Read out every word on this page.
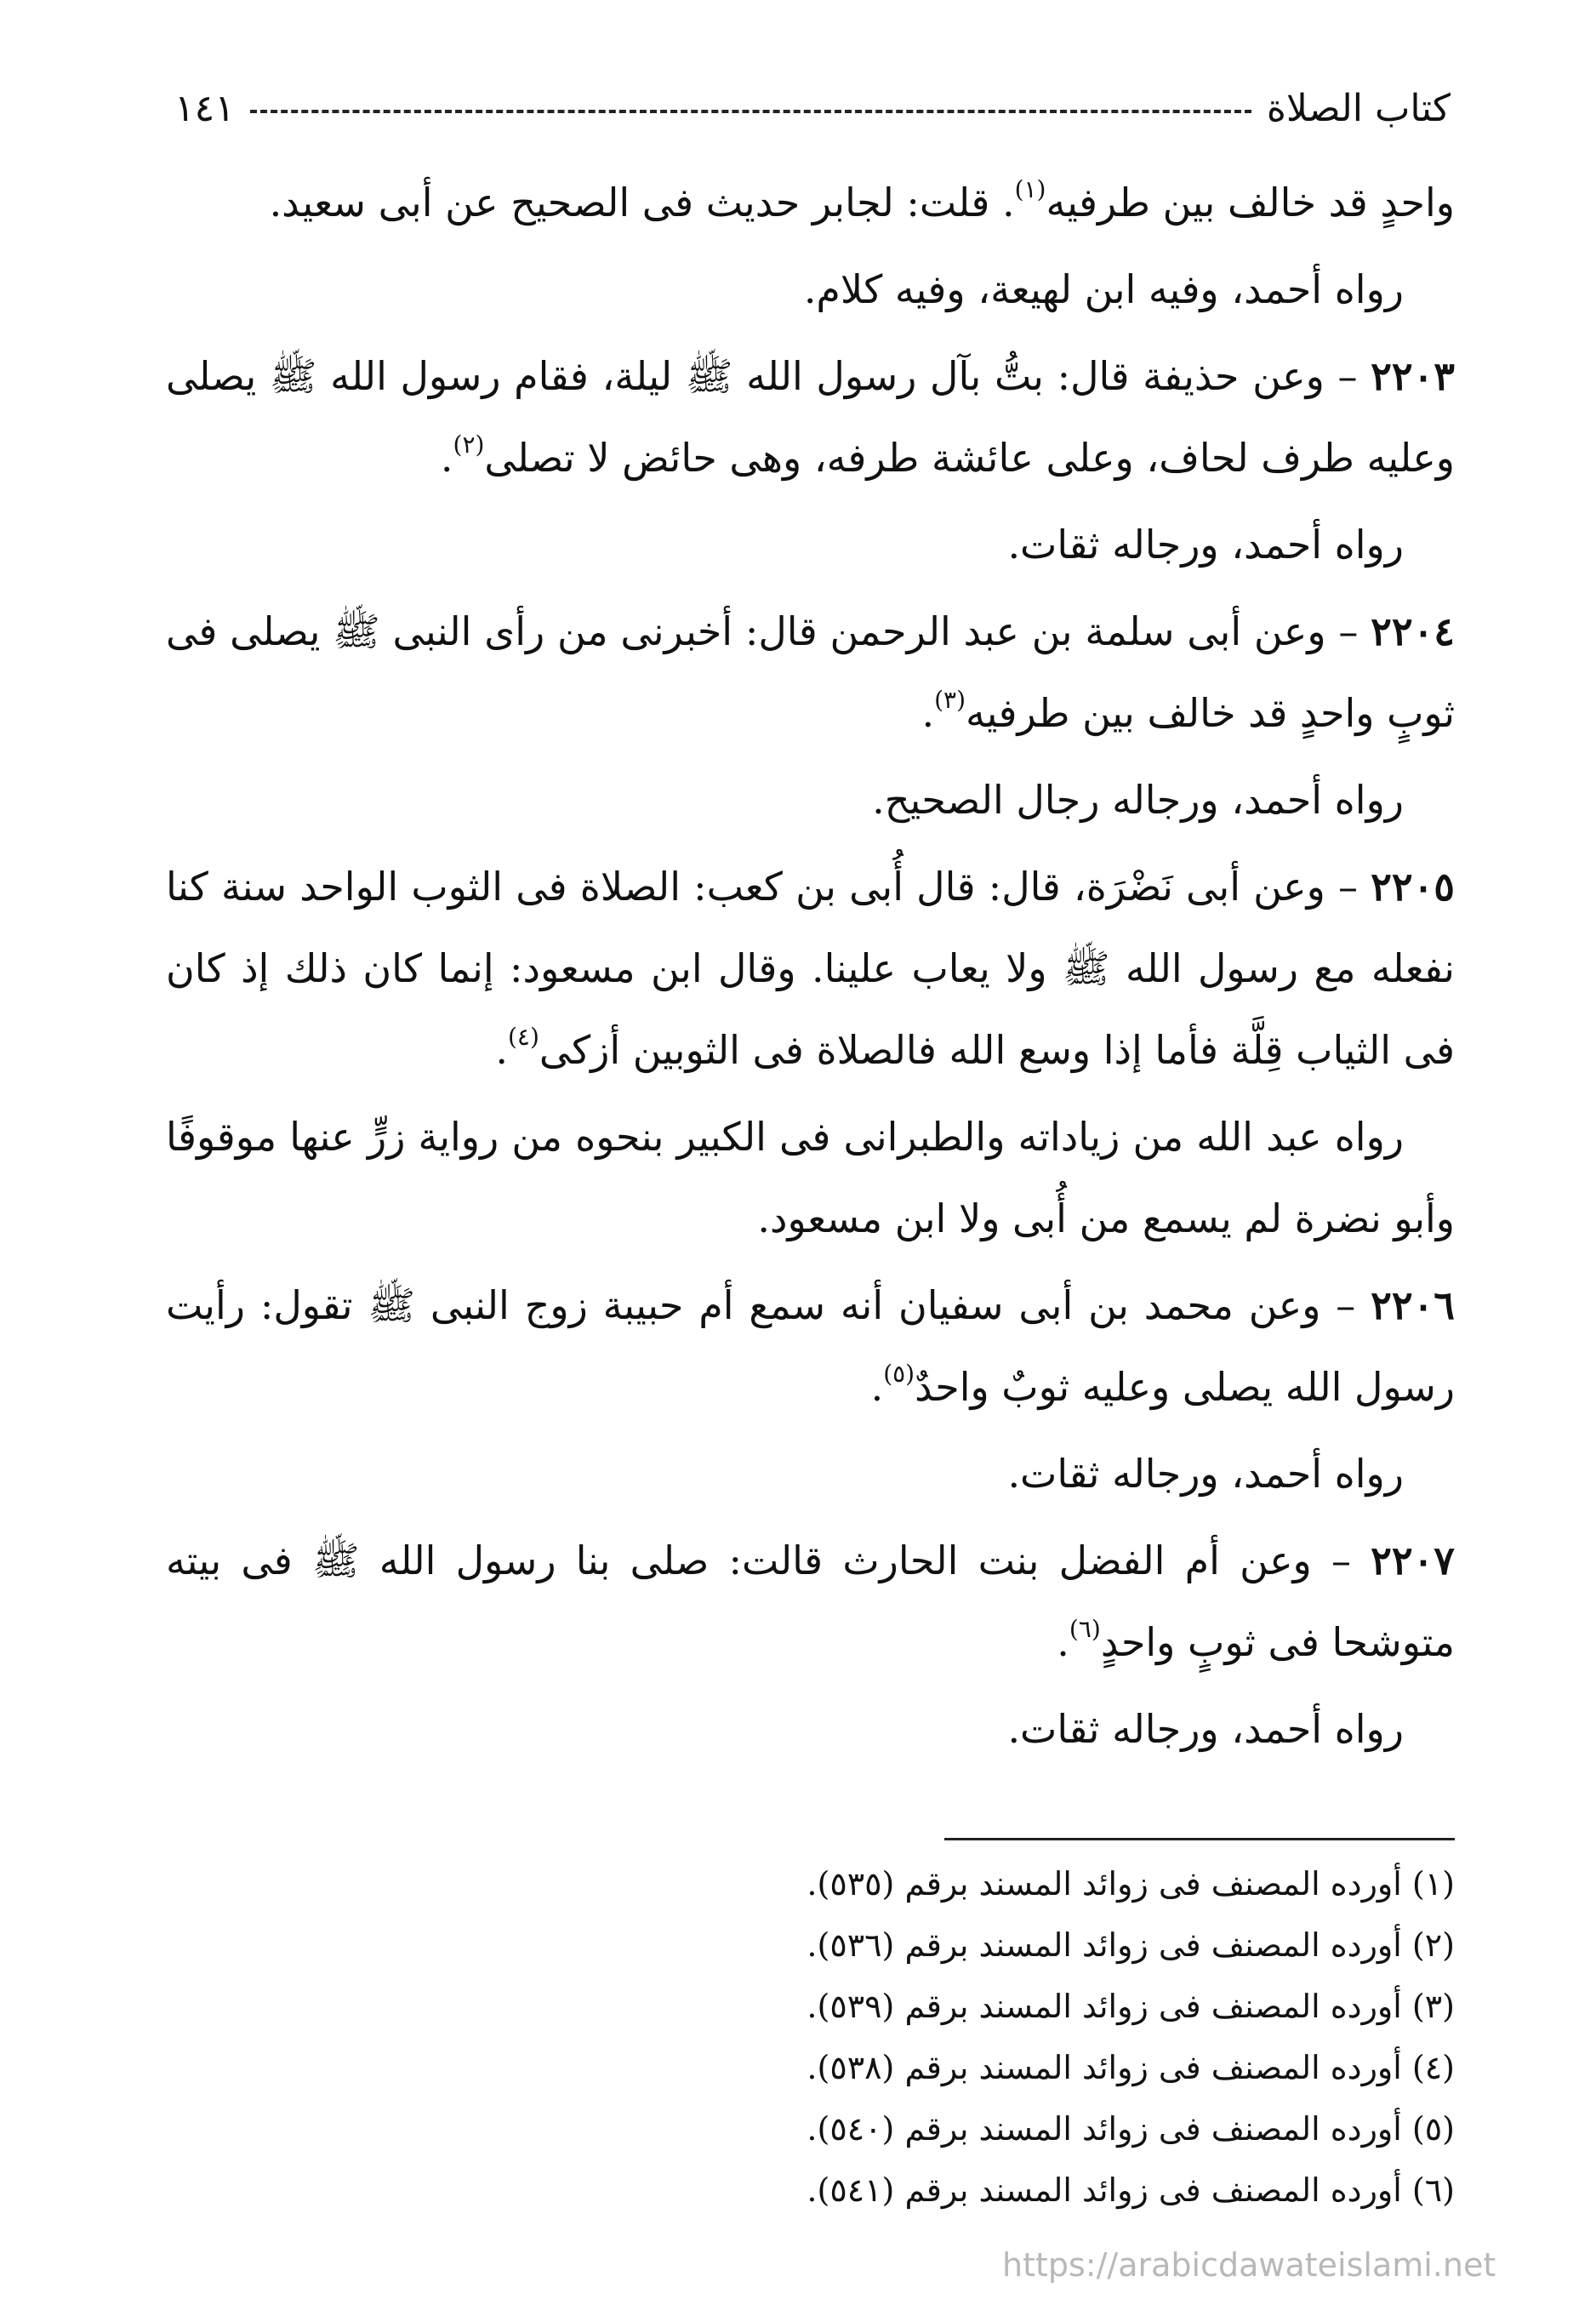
كتاب الصلاة
١٤١

واحدٍ قد خالف بين طرفيه$^{(١)}$. قلت: لجابر حديث فى الصحيح عن أبى سعيد.

رواه أحمد، وفيه ابن لهيعة، وفيه كلام.

٢٢٠٣ – وعن حذيفة قال: بتُّ بآل رسول الله ﷺ ليلة، فقام رسول الله ﷺ يصلى وعليه طرف لحاف، وعلى عائشة طرفه، وهى حائض لا تصلى$^{(٢)}$.

رواه أحمد، ورجاله ثقات.

٢٢٠٤ – وعن أبى سلمة بن عبد الرحمن قال: أخبرنى من رأى النبى ﷺ يصلى فى ثوبٍ واحدٍ قد خالف بين طرفيه$^{(٣)}$.

رواه أحمد، ورجاله رجال الصحيح.

٢٢٠٥ – وعن أبى نَضْرَة، قال: قال أُبى بن كعب: الصلاة فى الثوب الواحد سنة كنا نفعله مع رسول الله ﷺ ولا يعاب علينا. وقال ابن مسعود: إنما كان ذلك إذ كان فى الثياب قِلَّة فأما إذا وسع الله فالصلاة فى الثوبين أزكى$^{(٤)}$.

رواه عبد الله من زياداته والطبرانى فى الكبير بنحوه من رواية زرٍّ عنها موقوفًا وأبو نضرة لم يسمع من أُبى ولا ابن مسعود.

٢٢٠٦ – وعن محمد بن أبى سفيان أنه سمع أم حبيبة زوج النبى ﷺ تقول: رأيت رسول الله يصلى وعليه ثوبٌ واحدٌ$^{(٥)}$.

رواه أحمد، ورجاله ثقات.

٢٢٠٧ – وعن أم الفضل بنت الحارث قالت: صلى بنا رسول الله ﷺ فى بيته متوشحا فى ثوبٍ واحدٍ$^{(٦)}$.

رواه أحمد، ورجاله ثقات.

(١) أورده المصنف فى زوائد المسند برقم (٥٣٥).
(٢) أورده المصنف فى زوائد المسند برقم (٥٣٦).
(٣) أورده المصنف فى زوائد المسند برقم (٥٣٩).
(٤) أورده المصنف فى زوائد المسند برقم (٥٣٨).
(٥) أورده المصنف فى زوائد المسند برقم (٥٤٠).
(٦) أورده المصنف فى زوائد المسند برقم (٥٤١).
https://arabicdawateislami.net
